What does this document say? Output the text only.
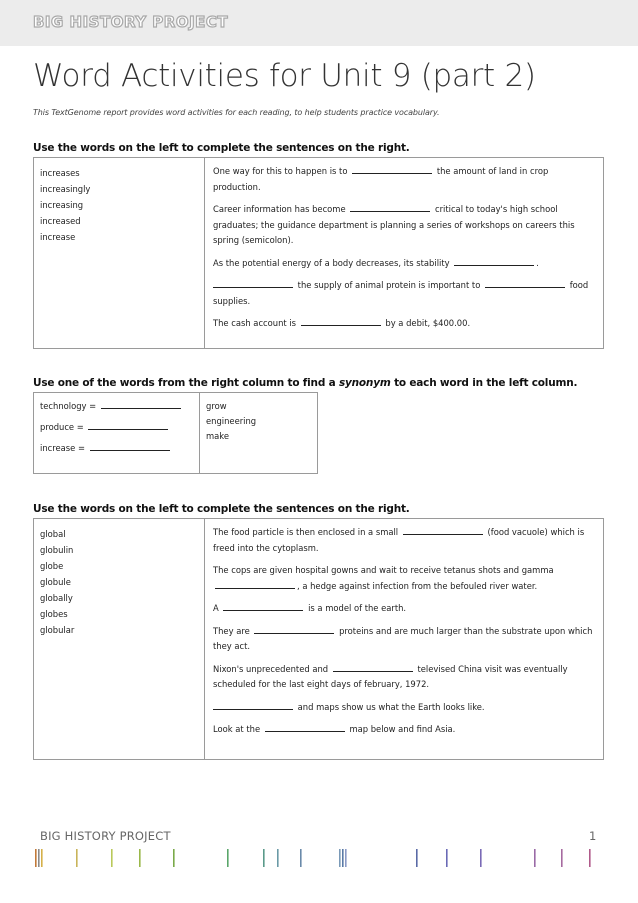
BIG HISTORY PROJECT
Word Activities for Unit 9 (part 2)

This TextGenome report provides word activities for each reading, to help students practice vocabulary.

Use the words on the left to complete the sentences on the right.
increases
increasingly
increasing
increased
increase

One way for this to happen is to	the amount of land in crop production.
Career information has become	critical to today's high school graduates; the guidance department is planning a series of workshops on careers this spring (semicolon).
As the potential energy of a body decreases, its stability	.
the supply of animal protein is important to	food supplies.
The cash account is	by a debit, $400.00.
Use one of the words from the right column to find a synonym to each word in the left column.
technology =
produce =
increase =

grow
engineering
make
Use the words on the left to complete the sentences on the right.
global
globulin
globe
globule
globally
globes
globular

The food particle is then enclosed in a small	(food vacuole) which is freed into the cytoplasm.
The cops are given hospital gowns and wait to receive tetanus shots and gamma , a hedge against infection from the befouled river water.
A	is a model of the earth.
They are	proteins and are much larger than the substrate upon which they act.
Nixon's unprecedented and	televised China visit was eventually scheduled for the last eight days of february, 1972.
and maps show us what the Earth looks like.
Look at the	map below and find Asia.
BIG HISTORY PROJECT	1
